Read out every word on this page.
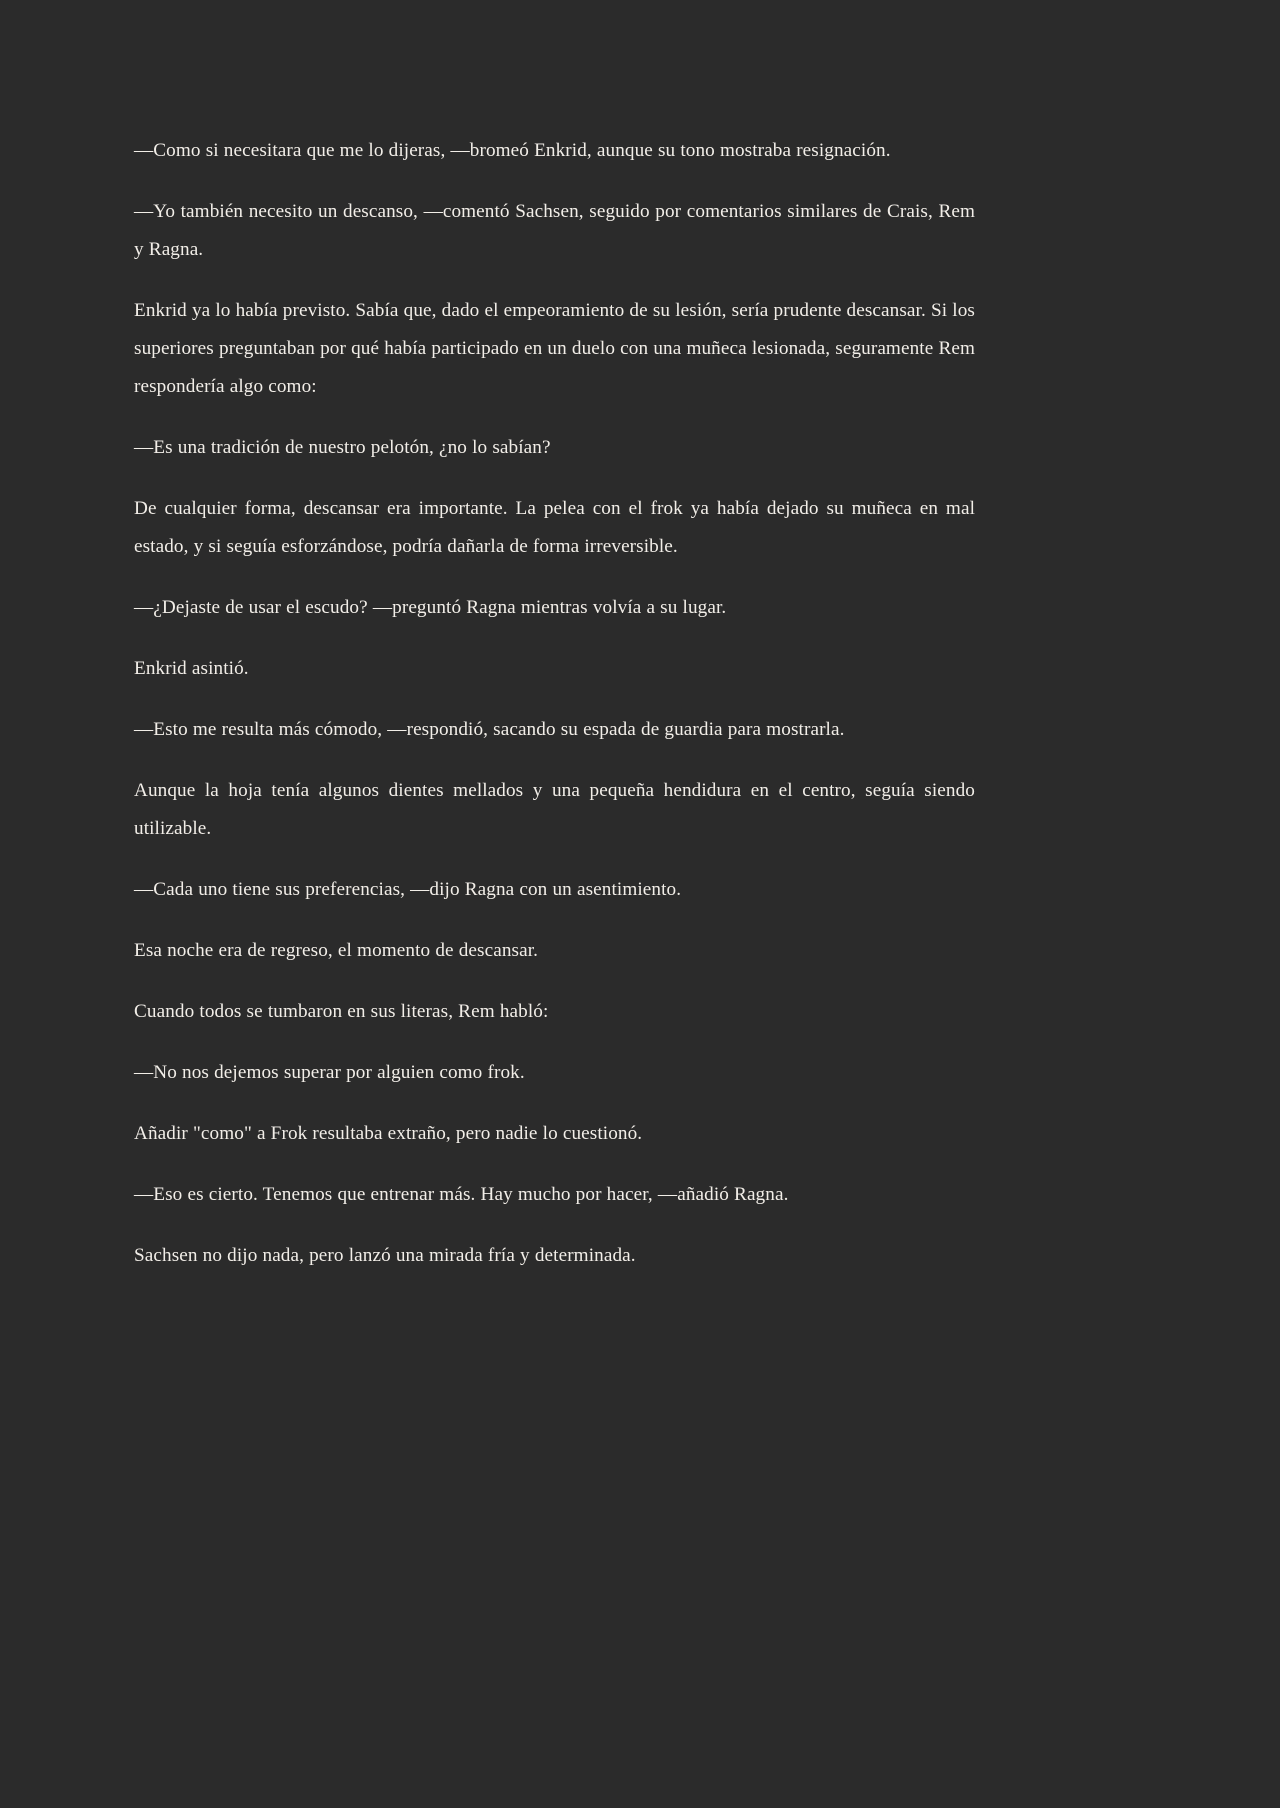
—Como si necesitara que me lo dijeras, —bromeó Enkrid, aunque su tono mostraba resignación.

—Yo también necesito un descanso, —comentó Sachsen, seguido por comentarios similares de Crais, Rem y Ragna.

Enkrid ya lo había previsto. Sabía que, dado el empeoramiento de su lesión, sería prudente descansar. Si los superiores preguntaban por qué había participado en un duelo con una muñeca lesionada, seguramente Rem respondería algo como:

—Es una tradición de nuestro pelotón, ¿no lo sabían?

De cualquier forma, descansar era importante. La pelea con el frok ya había dejado su muñeca en mal estado, y si seguía esforzándose, podría dañarla de forma irreversible.

—¿Dejaste de usar el escudo? —preguntó Ragna mientras volvía a su lugar.

Enkrid asintió.

—Esto me resulta más cómodo, —respondió, sacando su espada de guardia para mostrarla.

Aunque la hoja tenía algunos dientes mellados y una pequeña hendidura en el centro, seguía siendo utilizable.

—Cada uno tiene sus preferencias, —dijo Ragna con un asentimiento.

Esa noche era de regreso, el momento de descansar.

Cuando todos se tumbaron en sus literas, Rem habló:

—No nos dejemos superar por alguien como frok.

Añadir "como" a Frok resultaba extraño, pero nadie lo cuestionó.

—Eso es cierto. Tenemos que entrenar más. Hay mucho por hacer, —añadió Ragna.

Sachsen no dijo nada, pero lanzó una mirada fría y determinada.
